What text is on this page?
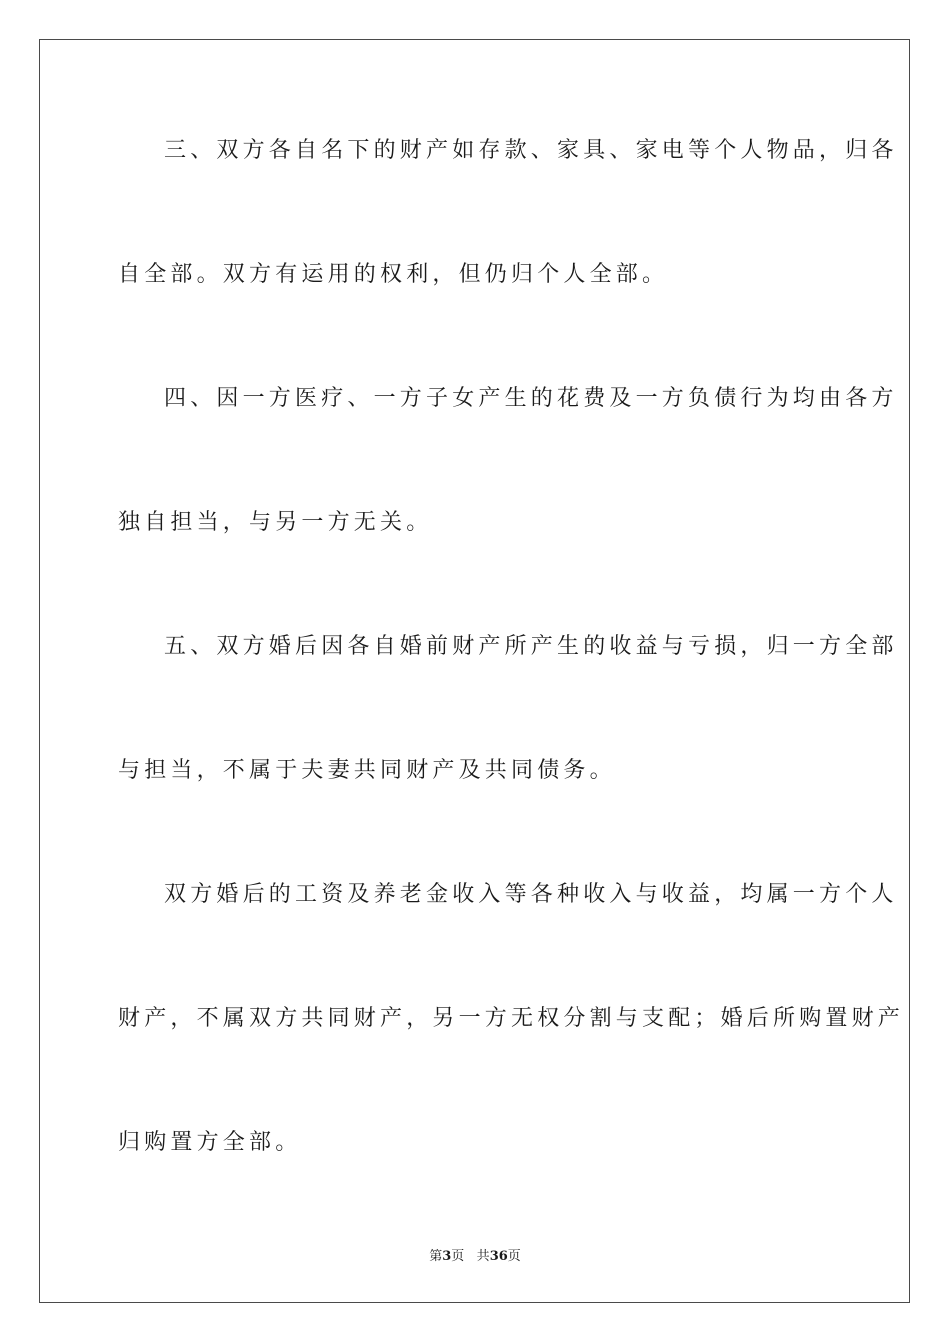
三、双方各自名下的财产如存款、家具、家电等个人物品，归各
自全部。双方有运用的权利，但仍归个人全部。
四、因一方医疗、一方子女产生的花费及一方负债行为均由各方
独自担当，与另一方无关。
五、双方婚后因各自婚前财产所产生的收益与亏损，归一方全部
与担当，不属于夫妻共同财产及共同债务。
双方婚后的工资及养老金收入等各种收入与收益，均属一方个人
财产，不属双方共同财产，另一方无权分割与支配；婚后所购置财产
归购置方全部。
第3页 共36页
